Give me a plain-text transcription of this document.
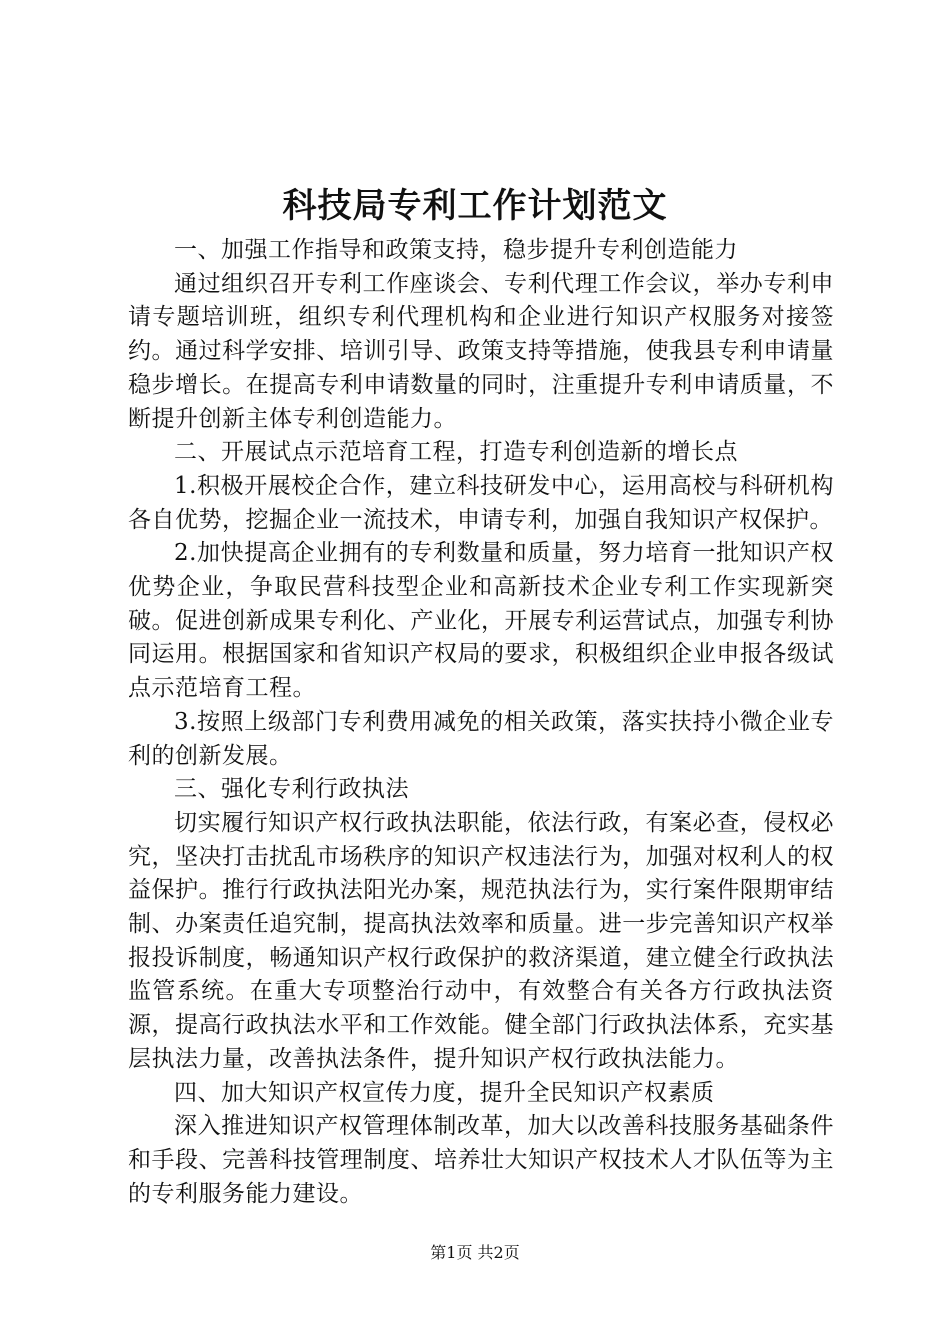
科技局专利工作计划范文

一、加强工作指导和政策支持，稳步提升专利创造能力

通过组织召开专利工作座谈会、专利代理工作会议，举办专利申请专题培训班，组织专利代理机构和企业进行知识产权服务对接签约。通过科学安排、培训引导、政策支持等措施，使我县专利申请量稳步增长。在提高专利申请数量的同时，注重提升专利申请质量，不断提升创新主体专利创造能力。

二、开展试点示范培育工程，打造专利创造新的增长点

1.积极开展校企合作，建立科技研发中心，运用高校与科研机构各自优势，挖掘企业一流技术，申请专利，加强自我知识产权保护。

2.加快提高企业拥有的专利数量和质量，努力培育一批知识产权优势企业，争取民营科技型企业和高新技术企业专利工作实现新突破。促进创新成果专利化、产业化，开展专利运营试点，加强专利协同运用。根据国家和省知识产权局的要求，积极组织企业申报各级试点示范培育工程。

3.按照上级部门专利费用减免的相关政策，落实扶持小微企业专利的创新发展。

三、强化专利行政执法

切实履行知识产权行政执法职能，依法行政，有案必查，侵权必究，坚决打击扰乱市场秩序的知识产权违法行为，加强对权利人的权益保护。推行行政执法阳光办案，规范执法行为，实行案件限期审结制、办案责任追究制，提高执法效率和质量。进一步完善知识产权举报投诉制度，畅通知识产权行政保护的救济渠道，建立健全行政执法监管系统。在重大专项整治行动中，有效整合有关各方行政执法资源，提高行政执法水平和工作效能。健全部门行政执法体系，充实基层执法力量，改善执法条件，提升知识产权行政执法能力。

四、加大知识产权宣传力度，提升全民知识产权素质

深入推进知识产权管理体制改革，加大以改善科技服务基础条件和手段、完善科技管理制度、培养壮大知识产权技术人才队伍等为主的专利服务能力建设。

第1页 共2页
